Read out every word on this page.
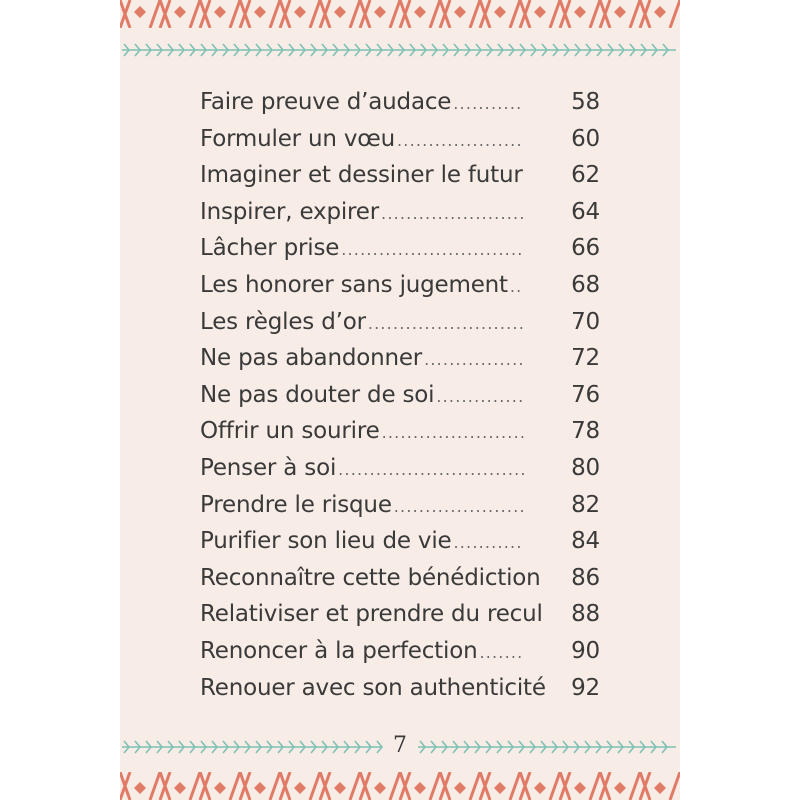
Faire preuve d’audace .....	58
Formuler un vœu .....	60
Imaginer et dessiner le futur	62
Inspirer, expirer .....	64
Lâcher prise .....	66
Les honorer sans jugement .....	68
Les règles d’or .....	70
Ne pas abandonner .....	72
Ne pas douter de soi .....	76
Offrir un sourire .....	78
Penser à soi .....	80
Prendre le risque .....	82
Purifier son lieu de vie .....	84
Reconnaître cette bénédiction	86
Relativiser et prendre du recul	88
Renoncer à la perfection .....	90
Renouer avec son authenticité	92
7
